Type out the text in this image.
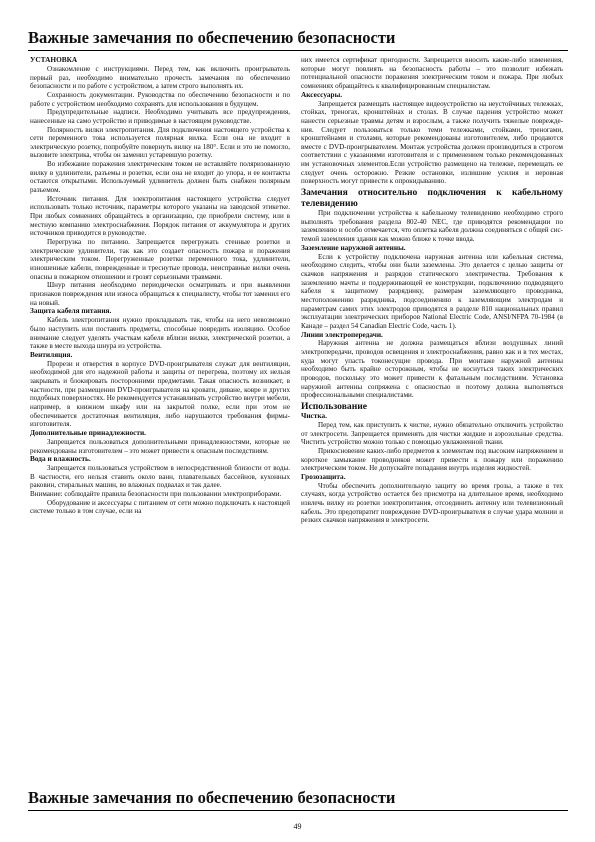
Важные замечания по обеспечению безопасности
УСТАНОВКА

Ознакомление с инструкциями. Перед тем, как включить проигрыватель первый раз, необходимо внимательно прочесть замечания по обеспечению безопасности и по работе с устройством, а затем строго выполнять их.

Сохранность документации. Руководства по обеспечению безопасности и по работе с устройством необходимо сохранять для использования в будущем.

Предупредительные надписи. Необходимо учитывать все предупреждения, нанесенные на само устройство и приводимые в настоящем руководстве.

Полярность вилки электропитания. Для подключения настоящего устройства к сети переменного тока используется полярная вилка. Если она не входит в электрическую розетку, попробуйте повернуть вилку на 180°. Если и это не помогло, вызовите электрика, чтобы он заменил устаревшую розетку.

Во избежание поражения электрическим током не вставляйте поляризованную вилку в удлинители, разъемы и розетки, если она не входит до упора, и ее контакты остаются открытыми. Используемый удлинитель должен быть снабжен полярным разъемом.

Источник питания. Для электропитания настоящего устройства следует использовать только источник, параметры которого указаны на заводской этикетке. При любых сомнениях обращайтесь в организацию, где приобрели систему, или в местную компанию электроснабжения. Порядок питания от аккумулятора и других источников приводится в руководстве.

Перегрузка по питанию. Запрещается перегружать стенные розетки и электрические удлинители, так как это создает опасность пожара и поражения электрическим током. Перегруженные розетки переменного тока, удлинители, изношенные кабели, поврежденные и треснутые провода, неисправные вилки очень опасны в пожарном отношении и грозят серьезными травмами.

Шнур питания необходимо периодически осматривать и при выявлении признаков повреждения или износа обращаться к специалисту, чтобы тот заменил его на новый.

Защита кабеля питания.

Кабель электропитания нужно прокладывать так, чтобы на него невозможно было наступить или поставить предметы, способные повредить изоляцию. Особое внимание следует уделять участкам кабеля вблизи вилки, электрической розетки, а также в месте выхода шнура из устройства.

Вентиляция.

Прорези и отверстия в корпусе DVD-проигрывателя служат для вентиляции, необходимой для его надежной работы и защиты от перегрева, поэтому их нельзя закрывать и блокировать посторонними предметами. Такая опасность возникает, в частности, при размещении DVD-проигрывателя на кровати, диване, ковре и других подобных поверхностях. Не рекомендуется устанавливать устройство внутри мебели, например, в книжном шкафу или на закрытой полке, если при этом не обеспечивается достаточная вентиляция, либо нарушаются требования фирмы-изготовителя.

Дополнительные принадлежности.

Запрещается пользоваться дополнительными принадлежностями, которые не рекомендованы изготовителем – это может привести к опасным последствиям.

Вода и влажность.

Запрещается пользоваться устройством в непосредственной близости от воды. В частности, его нельзя ставить около ванн, плавательных бассейнов, кухонных раковин, стиральных машин, во влажных подвалах и так далее.

Внимание: соблюдайте правила безопасности при пользовании электроприборами.

Оборудование и аксессуары с питанием от сети можно подключать к настоящей системе только в том случае, если на

них имеется сертификат пригодности. Запрещается вносить какие-либо изменения, которые могут повлиять на безопасность работы – это позволит избежать потенциальной опасности поражения электрическим током и пожара. При любых сомнениях обращайтесь к квалифицированным специалистам.

Аксессуары.

Запрещается размещать настоящее видеоустройство на неустойчивых тележках, стойках, треногах, кронштейнах и столах. В случае падения устройство может нанести серьезные травмы детям и взрослым, а также получить тяжелые повреждения. Следует пользоваться только теми тележками, стойками, треногами, кронштейнами и столами, которые рекомендованы изготовителем, либо продаются вместе с DVD-проигрывателем. Монтаж устройства должен производиться в строгом соответствии с указаниями изготовителя и с применением только рекомендованных им установочных элементов.Если устройство размещено на тележке, перемещать ее следует очень осторожно. Резкие остановки, излишние усилия и неровная поверхность могут привести к опрокидыванию.

Замечания относительно подключения к кабельному телевидению

При подключении устройства к кабельному телевидению необходимо строго выполнять требования раздела 802-40 NEC, где приводятся рекомендации по заземлению и особо отмечается, что оплетка кабеля должна соединяться с общей системой заземления здания как можно ближе к точке ввода.

Заземление наружной антенны.

Если к устройству подключена наружная антенна или кабельная система, необходимо следить, чтобы они были заземлены. Это делается с целью защиты от скачков напряжения и разрядов статического электричества. Требования к заземлению мачты и поддерживающей ее конструкции, подключению подводящего кабеля к защитному разряднику, размерам заземляющего проводника, местоположению разрядника, подсоединению к заземляющим электродам и параметрам самих этих электродов приводятся в разделе 810 национальных правил эксплуатации электрических приборов National Electric Code, ANSI/NFPA 70-1984 (в Канаде – раздел 54 Canadian Electric Code, часть 1).

Линии электропередачи.

Наружная антенна не должна размещаться вблизи воздушных линий электропередачи, проводов освещения и электроснабжения, равно как и в тех местах, куда могут упасть токонесущие провода. При монтаже наружной антенны необходимо быть крайне осторожным, чтобы не коснуться таких электрических проводов, поскольку это может привести к фатальным последствиям. Установка наружной антенны сопряжена с опасностью и поэтому должна выполняться профессиональными специалистами.

Использование
Чистка.

Перед тем, как приступить к чистке, нужно обязательно отключить устройство от электросети. Запрещается применять для чистки жидкие и аэрозольные средства. Чистить устройство можно только с помощью увлажненной ткани.

Прикосновение каких-либо предметов к элементам под высоким напряжением и короткое замыкание проводников может привести к пожару или поражению электрическим током. Не допускайте попадания внутрь изделия жидкостей.

Грозозащита.

Чтобы обеспечить дополнительную защиту во время грозы, а также в тех случаях, когда устройство остается без присмотра на длительное время, необходимо извлечь вилку из розетки электропитания, отсоединить антенну или телевизионный кабель. Это предотвратит повреждение DVD-проигрывателя в случае удара молнии и резких скачков напряжения в электросети.

Важные замечания по обеспечению безопасности
49
